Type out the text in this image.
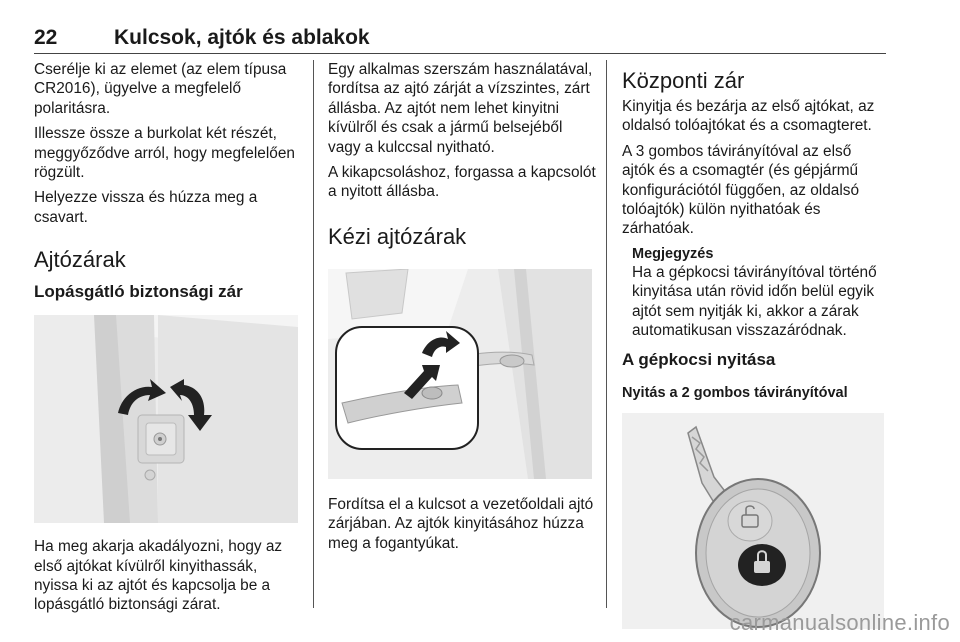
22	Kulcsok, ajtók és ablakok

Cserélje ki az elemet (az elem típusa CR2016), ügyelve a megfelelő polaritásra.

Illessze össze a burkolat két részét, meggyőződve arról, hogy megfelelően rögzült.

Helyezze vissza és húzza meg a csavart.

Ajtózárak
Lopásgátló biztonsági zár

Ha meg akarja akadályozni, hogy az első ajtókat kívülről kinyithassák, nyissa ki az ajtót és kapcsolja be a lopásgátló biztonsági zárat.

Egy alkalmas szerszám használatával, fordítsa az ajtó zárját a vízszintes, zárt állásba. Az ajtót nem lehet kinyitni kívülről és csak a jármű belsejéből vagy a kulccsal nyitható.

A kikapcsoláshoz, forgassa a kapcsolót a nyitott állásba.

Kézi ajtózárak

Fordítsa el a kulcsot a vezetőoldali ajtó zárjában. Az ajtók kinyitásához húzza meg a fogantyúkat.

Központi zár

Kinyitja és bezárja az első ajtókat, az oldalsó tolóajtókat és a csomagteret.

A 3 gombos távirányítóval az első ajtók és a csomagtér (és gépjármű konfigurációtól függően, az oldalsó tolóajtók) külön nyithatóak és zárhatóak.

Megjegyzés

Ha a gépkocsi távirányítóval történő kinyitása után rövid időn belül egyik ajtót sem nyitják ki, akkor a zárak automatikusan visszazáródnak.

A gépkocsi nyitása
Nyitás a 2 gombos távirányítóval
carmanualsonline.info
